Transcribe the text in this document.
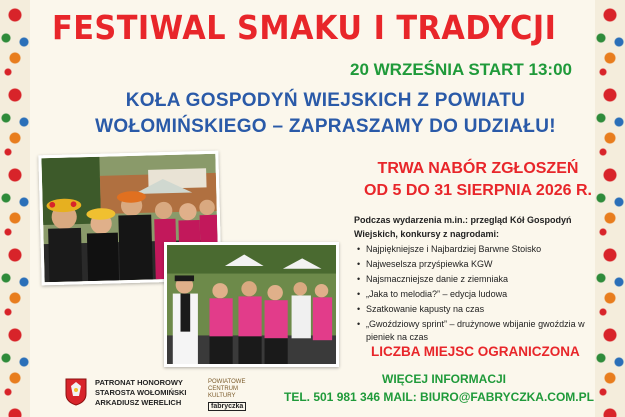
FESTIWAL SMAKU I TRADYCJI
20 WRZEŚNIA START 13:00
KOŁA GOSPODYŃ WIEJSKICH Z POWIATU
WOŁOMIŃSKIEGO – ZAPRASZAMY DO UDZIAŁU!
TRWA NABÓR ZGŁOSZEŃ
OD 5 DO 31 SIERPNIA 2026 R.
Podczas wydarzenia m.in.: przegląd Kół Gospodyń Wiejskich, konkursy z nagrodami:
• Najpiękniejsze i Najbardziej Barwne Stoisko
• Najweselsza przyśpiewka KGW
• Najsmaczniejsze danie z ziemniaka
• „Jaka to melodia?” – edycja ludowa
• Szatkowanie kapusty na czas
• „Gwoździowy sprint” – drużynowe wbijanie gwoździa w pieniek na czas
LICZBA MIEJSC OGRANICZONA
WIĘCEJ INFORMACJI
TEL. 501 981 346 MAIL: BIURO@FABRYCZKA.COM.PL
PATRONAT HONOROWY
STAROSTA WOŁOMIŃSKI
ARKADIUSZ WERELICH
POWIATOWE
CENTRUM
KULTURY
fabryczka
